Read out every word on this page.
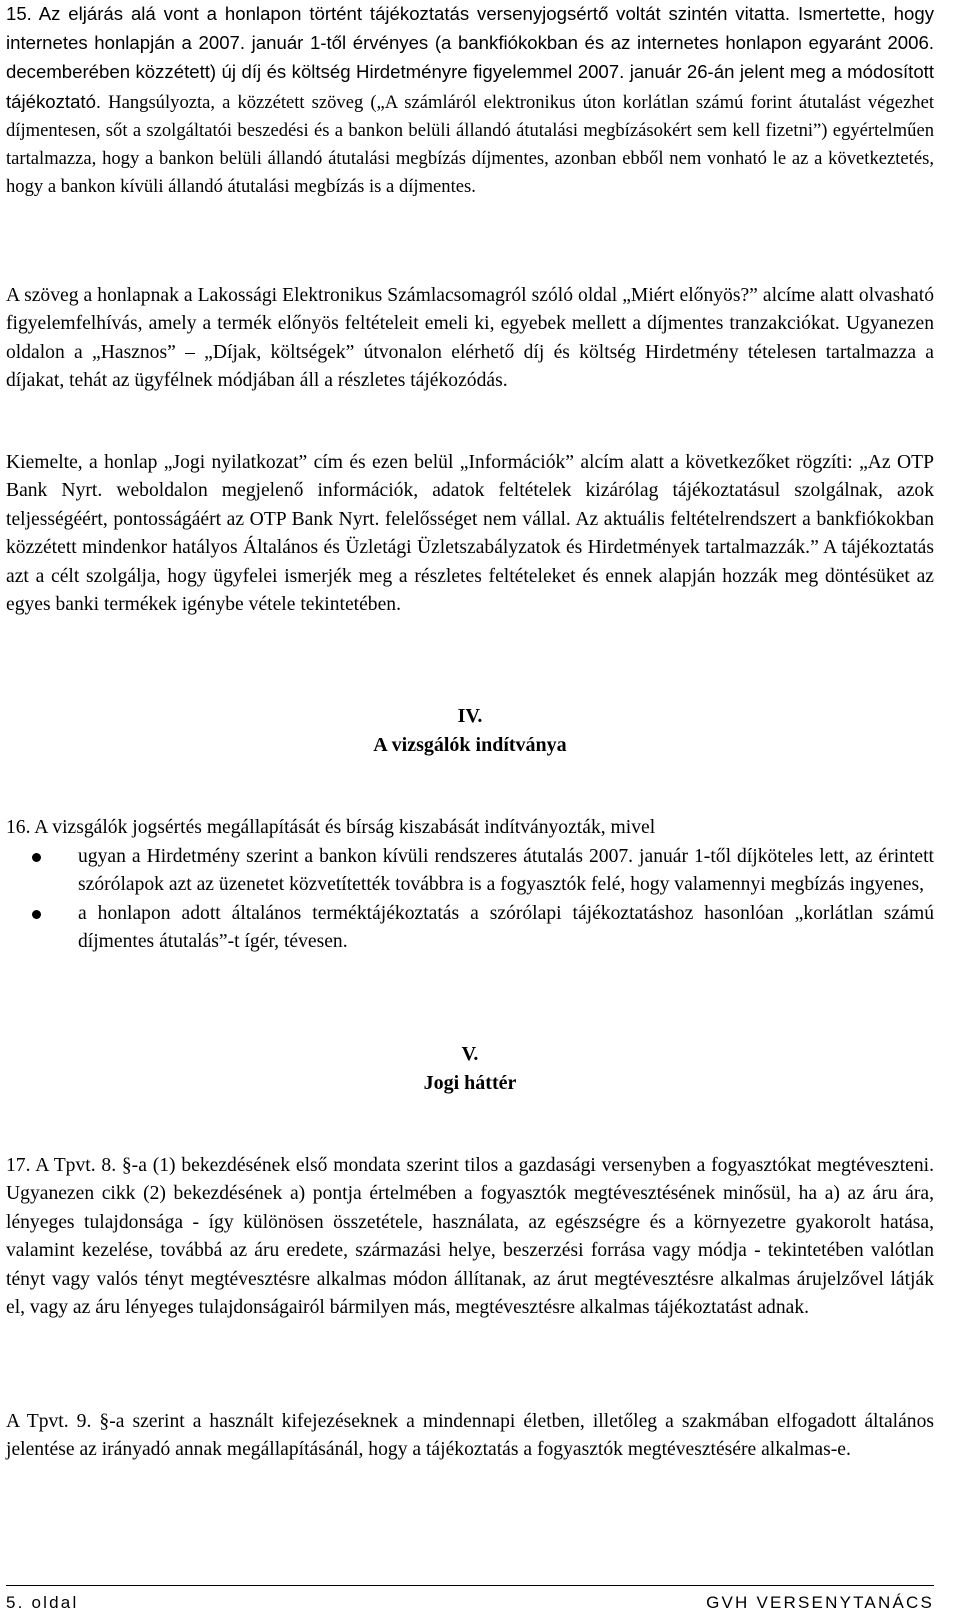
15. Az eljárás alá vont a honlapon történt tájékoztatás versenyjogsértő voltát szintén vitatta. Ismertette, hogy internetes honlapján a 2007. január 1-től érvényes (a bankfiókokban és az internetes honlapon egyaránt 2006. decemberében közzétett) új díj és költség Hirdetményre figyelemmel 2007. január 26-án jelent meg a módosított tájékoztató. Hangsúlyozta, a közzétett szöveg („A számláról elektronikus úton korlátlan számú forint átutalást végezhet díjmentesen, sőt a szolgáltatói beszedési és a bankon belüli állandó átutalási megbízásokért sem kell fizetni”) egyértelműen tartalmazza, hogy a bankon belüli állandó átutalási megbízás díjmentes, azonban ebből nem vonható le az a következtetés, hogy a bankon kívüli állandó átutalási megbízás is a díjmentes.
A szöveg a honlapnak a Lakossági Elektronikus Számlacsomagról szóló oldal „Miért előnyös?” alcíme alatt olvasható figyelemfelhívás, amely a termék előnyös feltételeit emeli ki, egyebek mellett a díjmentes tranzakciókat. Ugyanezen oldalon a „Hasznos” – „Díjak, költségek” útvonalon elérhető díj és költség Hirdetmény tételesen tartalmazza a díjakat, tehát az ügyfélnek módjában áll a részletes tájékozódás.
Kiemelte, a honlap „Jogi nyilatkozat” cím és ezen belül „Információk” alcím alatt a következőket rögzíti: „Az OTP Bank Nyrt. weboldalon megjelenő információk, adatok feltételek kizárólag tájékoztatásul szolgálnak, azok teljességéért, pontosságáért az OTP Bank Nyrt. felelősséget nem vállal. Az aktuális feltételrendszert a bankfiókokban közzétett mindenkor hatályos Általános és Üzletági Üzletszabályzatok és Hirdetmények tartalmazzák.” A tájékoztatás azt a célt szolgálja, hogy ügyfelei ismerjék meg a részletes feltételeket és ennek alapján hozzák meg döntésüket az egyes banki termékek igénybe vétele tekintetében.
IV.
A vizsgálók indítványa
16. A vizsgálók jogsértés megállapítását és bírság kiszabását indítványozták, mivel
ugyan a Hirdetmény szerint a bankon kívüli rendszeres átutalás 2007. január 1-től díjköteles lett, az érintett szórólapok azt az üzenetet közvetítették továbbra is a fogyasztók felé, hogy valamennyi megbízás ingyenes,
a honlapon adott általános terméktájékoztatás a szórólapi tájékoztatáshoz hasonlóan „korlátlan számú díjmentes átutalás”-t ígér, tévesen.
V.
Jogi háttér
17. A Tpvt. 8. §-a (1) bekezdésének első mondata szerint tilos a gazdasági versenyben a fogyasztókat megtéveszteni. Ugyanezen cikk (2) bekezdésének a) pontja értelmében a fogyasztók megtévesztésének minősül, ha a) az áru ára, lényeges tulajdonsága - így különösen összetétele, használata, az egészségre és a környezetre gyakorolt hatása, valamint kezelése, továbbá az áru eredete, származási helye, beszerzési forrása vagy módja - tekintetében valótlan tényt vagy valós tényt megtévesztésre alkalmas módon állítanak, az árut megtévesztésre alkalmas árujelzővel látják el, vagy az áru lényeges tulajdonságairól bármilyen más, megtévesztésre alkalmas tájékoztatást adnak.
A Tpvt. 9. §-a szerint a használt kifejezéseknek a mindennapi életben, illetőleg a szakmában elfogadott általános jelentése az irányadó annak megállapításánál, hogy a tájékoztatás a fogyasztók megtévesztésére alkalmas-e.
5. oldal	GVH VERSENYTANÁCS
